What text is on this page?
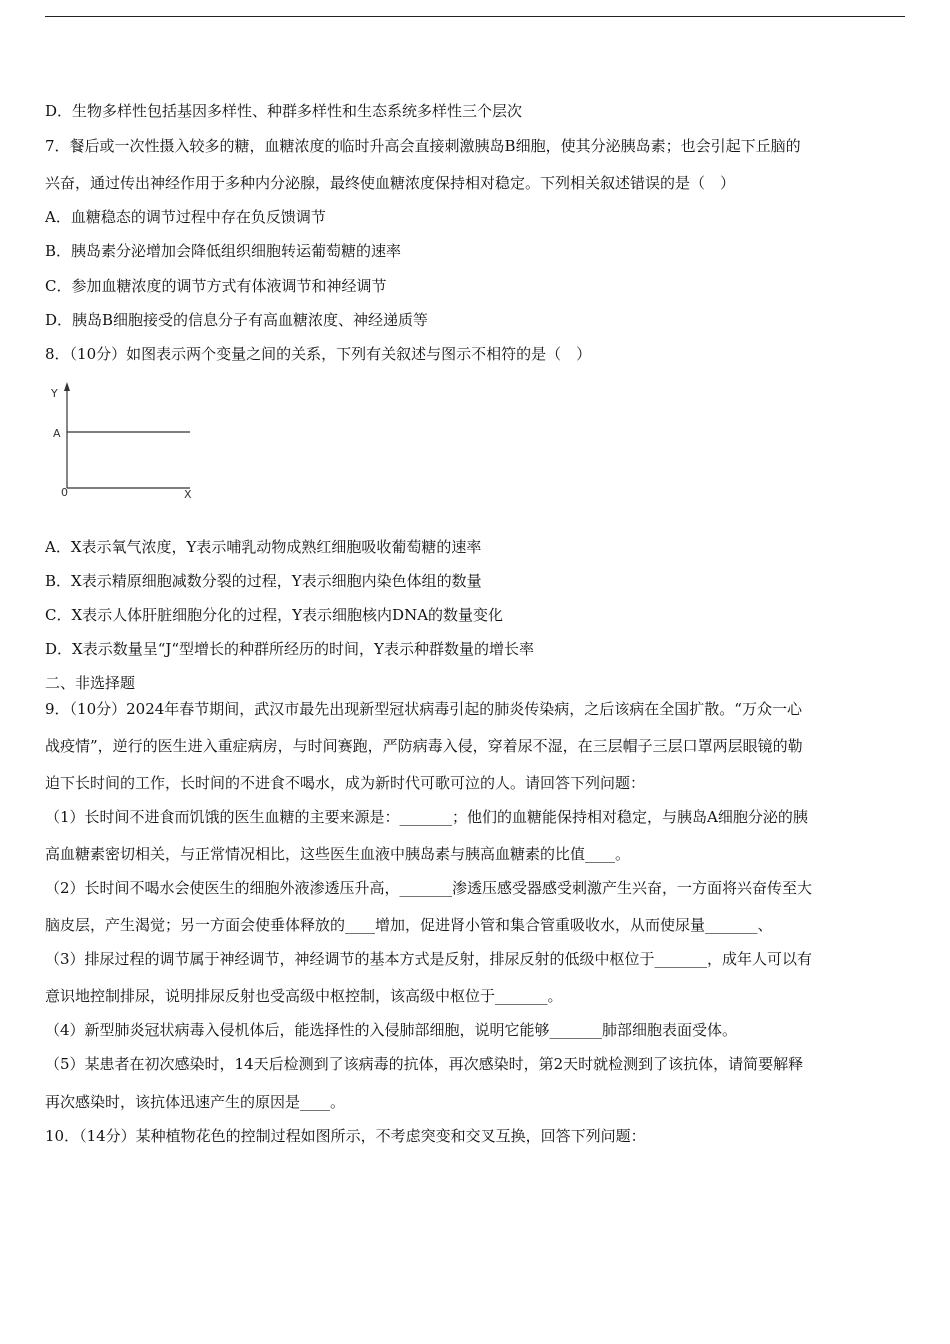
D．生物多样性包括基因多样性、种群多样性和生态系统多样性三个层次
7．餐后或一次性摄入较多的糖，血糖浓度的临时升高会直接刺激胰岛B细胞，使其分泌胰岛素；也会引起下丘脑的
兴奋，通过传出神经作用于多种内分泌腺，最终使血糖浓度保持相对稳定。下列相关叙述错误的是（　）
A．血糖稳态的调节过程中存在负反馈调节
B．胰岛素分泌增加会降低组织细胞转运葡萄糖的速率
C．参加血糖浓度的调节方式有体液调节和神经调节
D．胰岛B细胞接受的信息分子有高血糖浓度、神经递质等
8．（10分）如图表示两个变量之间的关系，下列有关叙述与图示不相符的是（　）
Y
A
0	X
A．X表示氧气浓度，Y表示哺乳动物成熟红细胞吸收葡萄糖的速率
B．X表示精原细胞减数分裂的过程，Y表示细胞内染色体组的数量
C．X表示人体肝脏细胞分化的过程，Y表示细胞核内DNA的数量变化
D．X表示数量呈“J“型增长的种群所经历的时间，Y表示种群数量的增长率
二、非选择题
9．（10分）2024年春节期间，武汉市最先出现新型冠状病毒引起的肺炎传染病，之后该病在全国扩散。“万众一心
战疫情”，逆行的医生进入重症病房，与时间赛跑，严防病毒入侵，穿着尿不湿，在三层帽子三层口罩两层眼镜的勒
迫下长时间的工作，长时间的不进食不喝水，成为新时代可歌可泣的人。请回答下列问题：
（1）长时间不进食而饥饿的医生血糖的主要来源是：_______；他们的血糖能保持相对稳定，与胰岛A细胞分泌的胰
高血糖素密切相关，与正常情况相比，这些医生血液中胰岛素与胰高血糖素的比值____。
（2）长时间不喝水会使医生的细胞外液渗透压升高，_______渗透压感受器感受刺激产生兴奋，一方面将兴奋传至大
脑皮层，产生渴觉；另一方面会使垂体释放的____增加，促进肾小管和集合管重吸收水，从而使尿量_______、
（3）排尿过程的调节属于神经调节，神经调节的基本方式是反射，排尿反射的低级中枢位于_______，成年人可以有
意识地控制排尿，说明排尿反射也受高级中枢控制，该高级中枢位于_______。
（4）新型肺炎冠状病毒入侵机体后，能选择性的入侵肺部细胞，说明它能够_______肺部细胞表面受体。
（5）某患者在初次感染时，14天后检测到了该病毒的抗体，再次感染时，第2天时就检测到了该抗体，请简要解释
再次感染时，该抗体迅速产生的原因是____。
10．（14分）某种植物花色的控制过程如图所示，不考虑突变和交叉互换，回答下列问题：
